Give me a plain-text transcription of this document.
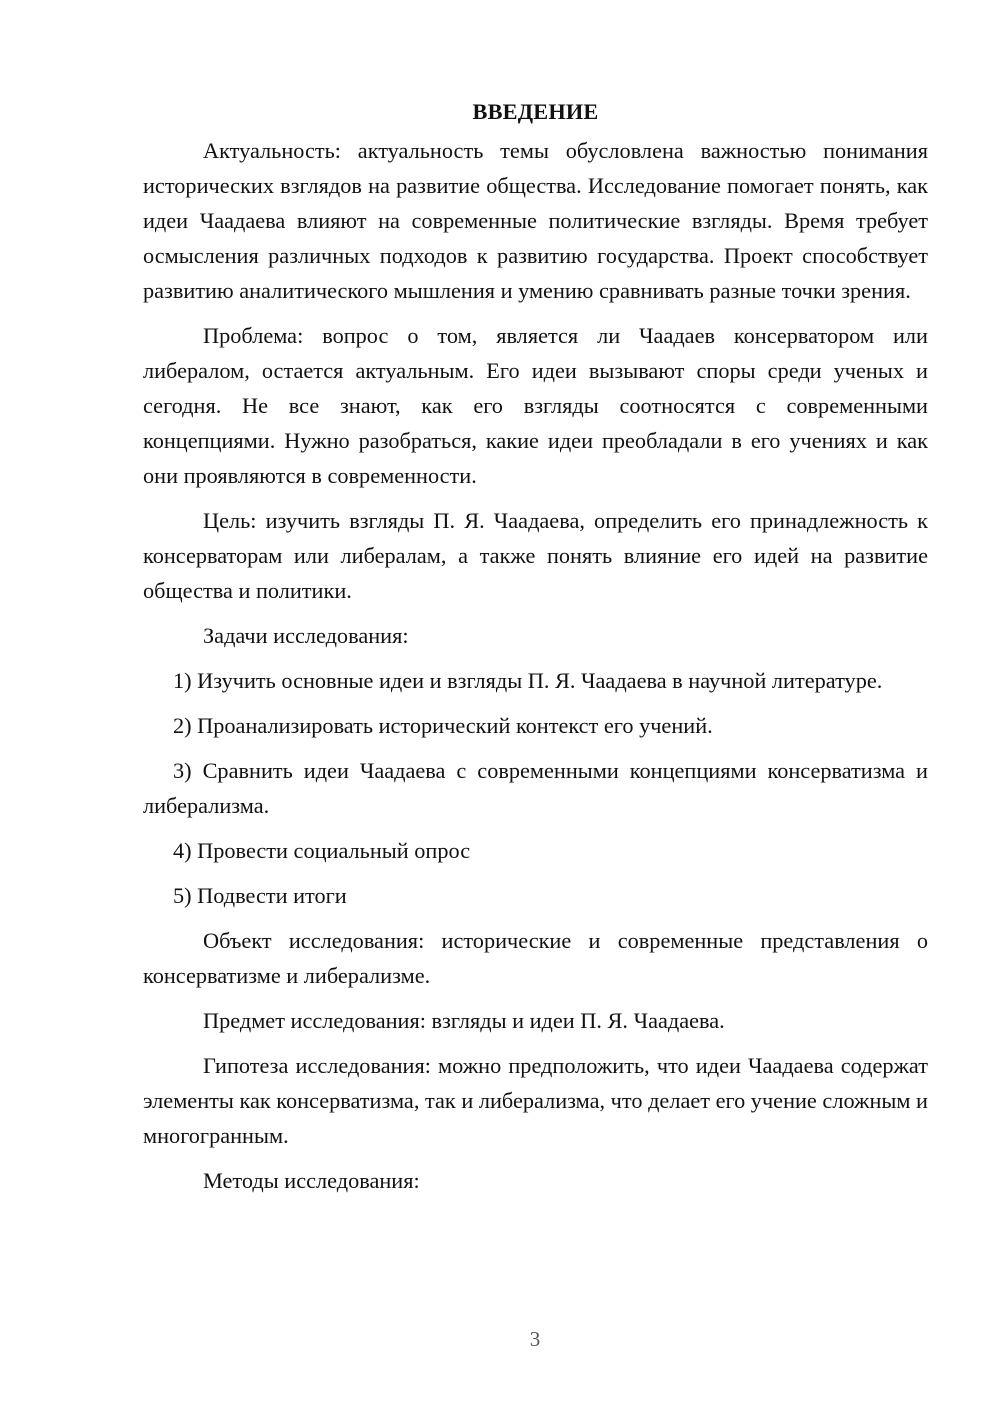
ВВЕДЕНИЕ

Актуальность: актуальность темы обусловлена важностью понимания исторических взглядов на развитие общества. Исследование помогает понять, как идеи Чаадаева влияют на современные политические взгляды. Время требует осмысления различных подходов к развитию государства. Проект способствует развитию аналитического мышления и умению сравнивать разные точки зрения.

Проблема: вопрос о том, является ли Чаадаев консерватором или либералом, остается актуальным. Его идеи вызывают споры среди ученых и сегодня. Не все знают, как его взгляды соотносятся с современными концепциями. Нужно разобраться, какие идеи преобладали в его учениях и как они проявляются в современности.

Цель: изучить взгляды П. Я. Чаадаева, определить его принадлежность к консерваторам или либералам, а также понять влияние его идей на развитие общества и политики.

Задачи исследования:

1) Изучить основные идеи и взгляды П. Я. Чаадаева в научной литературе.

2) Проанализировать исторический контекст его учений.

3) Сравнить идеи Чаадаева с современными концепциями консерватизма и либерализма.

4) Провести социальный опрос

5) Подвести итоги

Объект исследования: исторические и современные представления о консерватизме и либерализме.

Предмет исследования: взгляды и идеи П. Я. Чаадаева.

Гипотеза исследования: можно предположить, что идеи Чаадаева содержат элементы как консерватизма, так и либерализма, что делает его учение сложным и многогранным.

Методы исследования:

3
